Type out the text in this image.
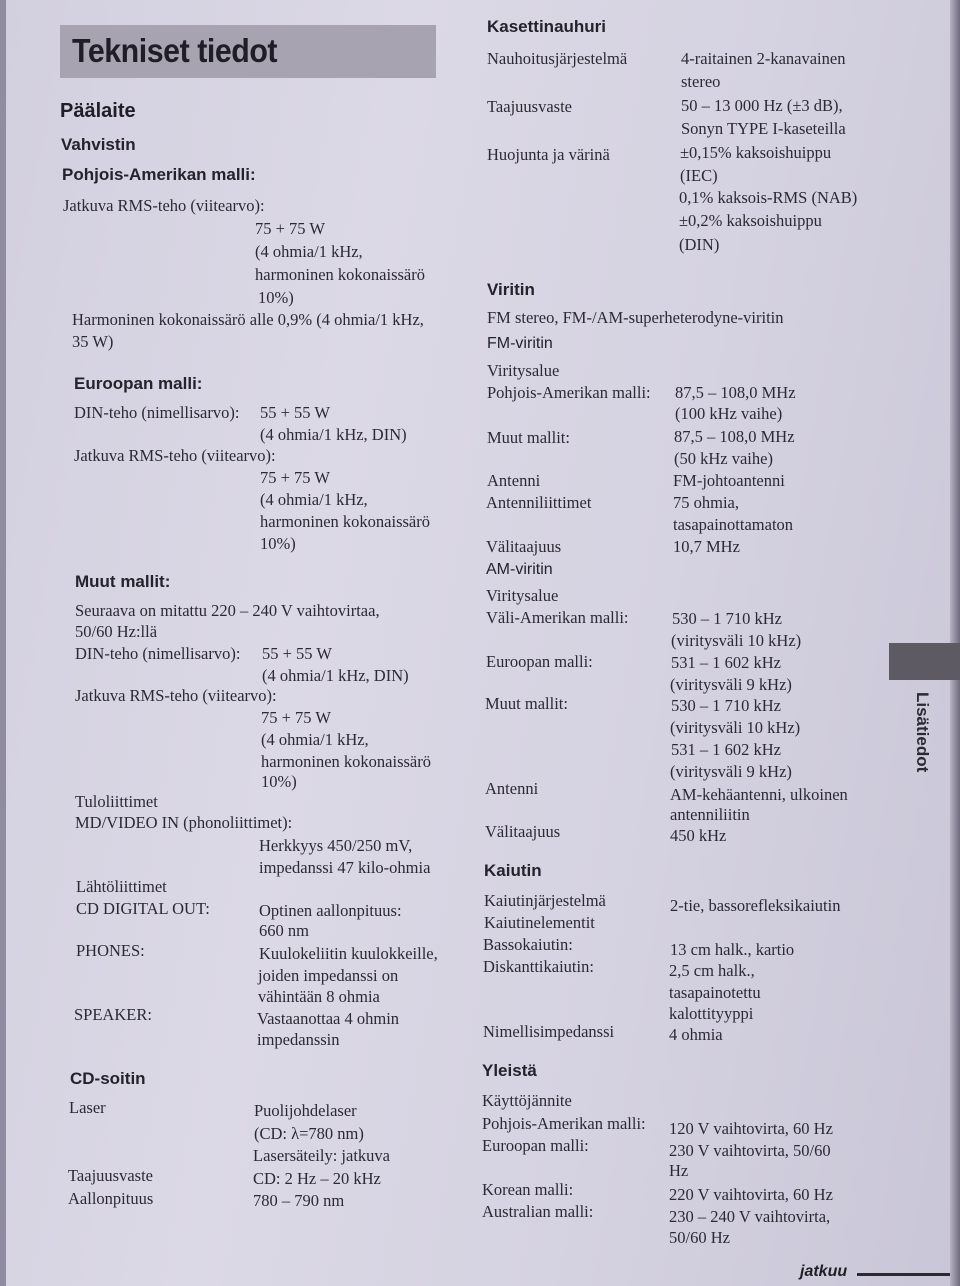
Tekniset tiedot
Päälaite
Vahvistin
Pohjois-Amerikan malli:
Jatkuva RMS-teho (viitearvo):
75 + 75 W
(4 ohmia/1 kHz,
harmoninen kokonaissärö
10%)
Harmoninen kokonaissärö alle 0,9% (4 ohmia/1 kHz,
35 W)
Euroopan malli:
DIN-teho (nimellisarvo): 55 + 55 W
(4 ohmia/1 kHz, DIN)
Jatkuva RMS-teho (viitearvo):
75 + 75 W
(4 ohmia/1 kHz,
harmoninen kokonaissärö
10%)
Muut mallit:
Seuraava on mitattu 220 – 240 V vaihtovirtaa,
50/60 Hz:llä
DIN-teho (nimellisarvo): 55 + 55 W
(4 ohmia/1 kHz, DIN)
Jatkuva RMS-teho (viitearvo):
75 + 75 W
(4 ohmia/1 kHz,
harmoninen kokonaissärö
10%)
Tuloliittimet
MD/VIDEO IN (phonoliittimet):
Herkkyys 450/250 mV,
impedanssi 47 kilo-ohmia
Lähtöliittimet
CD DIGITAL OUT:	Optinen aallonpituus:
660 nm
PHONES:	Kuulokeliitin kuulokkeille,
joiden impedanssi on
vähintään 8 ohmia
SPEAKER:	Vastaanottaa 4 ohmin
impedanssin
CD-soitin
Laser	Puolijohdelaser
(CD: λ=780 nm)
Lasersäteily: jatkuva
Taajuusvaste	CD: 2 Hz – 20 kHz
Aallonpituus	780 – 790 nm
Kasettinauhuri
Nauhoitusjärjestelmä	4-raitainen 2-kanavainen
stereo
Taajuusvaste	50 – 13 000 Hz (±3 dB),
Sonyn TYPE I-kaseteilla
Huojunta ja värinä	±0,15% kaksoishuippu
(IEC)
0,1% kaksois-RMS (NAB)
±0,2% kaksoishuippu
(DIN)
Viritin
FM stereo, FM-/AM-superheterodyne-viritin
FM-viritin
Viritysalue
Pohjois-Amerikan malli: 87,5 – 108,0 MHz
(100 kHz vaihe)
Muut mallit:	87,5 – 108,0 MHz
(50 kHz vaihe)
Antenni	FM-johtoantenni
Antenniliittimet	75 ohmia,
tasapainottamaton
Välitaajuus	10,7 MHz
AM-viritin
Viritysalue
Väli-Amerikan malli:	530 – 1 710 kHz
(viritysväli 10 kHz)
Euroopan malli:	531 – 1 602 kHz
(viritysväli 9 kHz)
Muut mallit:	530 – 1 710 kHz
(viritysväli 10 kHz)
531 – 1 602 kHz
(viritysväli 9 kHz)
Antenni	AM-kehäantenni, ulkoinen
antenniliitin
Välitaajuus	450 kHz
Kaiutin
Kaiutinjärjestelmä	2-tie, bassorefleksikaiutin
Kaiutinelementit
Bassokaiutin:	13 cm halk., kartio
Diskanttikaiutin:	2,5 cm halk.,
tasapainotettu
kalottityyppi
Nimellisimpedanssi	4 ohmia
Yleistä
Käyttöjännite
Pohjois-Amerikan malli: 120 V vaihtovirta, 60 Hz
Euroopan malli:	230 V vaihtovirta, 50/60
Hz
Korean malli:	220 V vaihtovirta, 60 Hz
Australian malli:	230 – 240 V vaihtovirta,
50/60 Hz
Lisätiedot
jatkuu
